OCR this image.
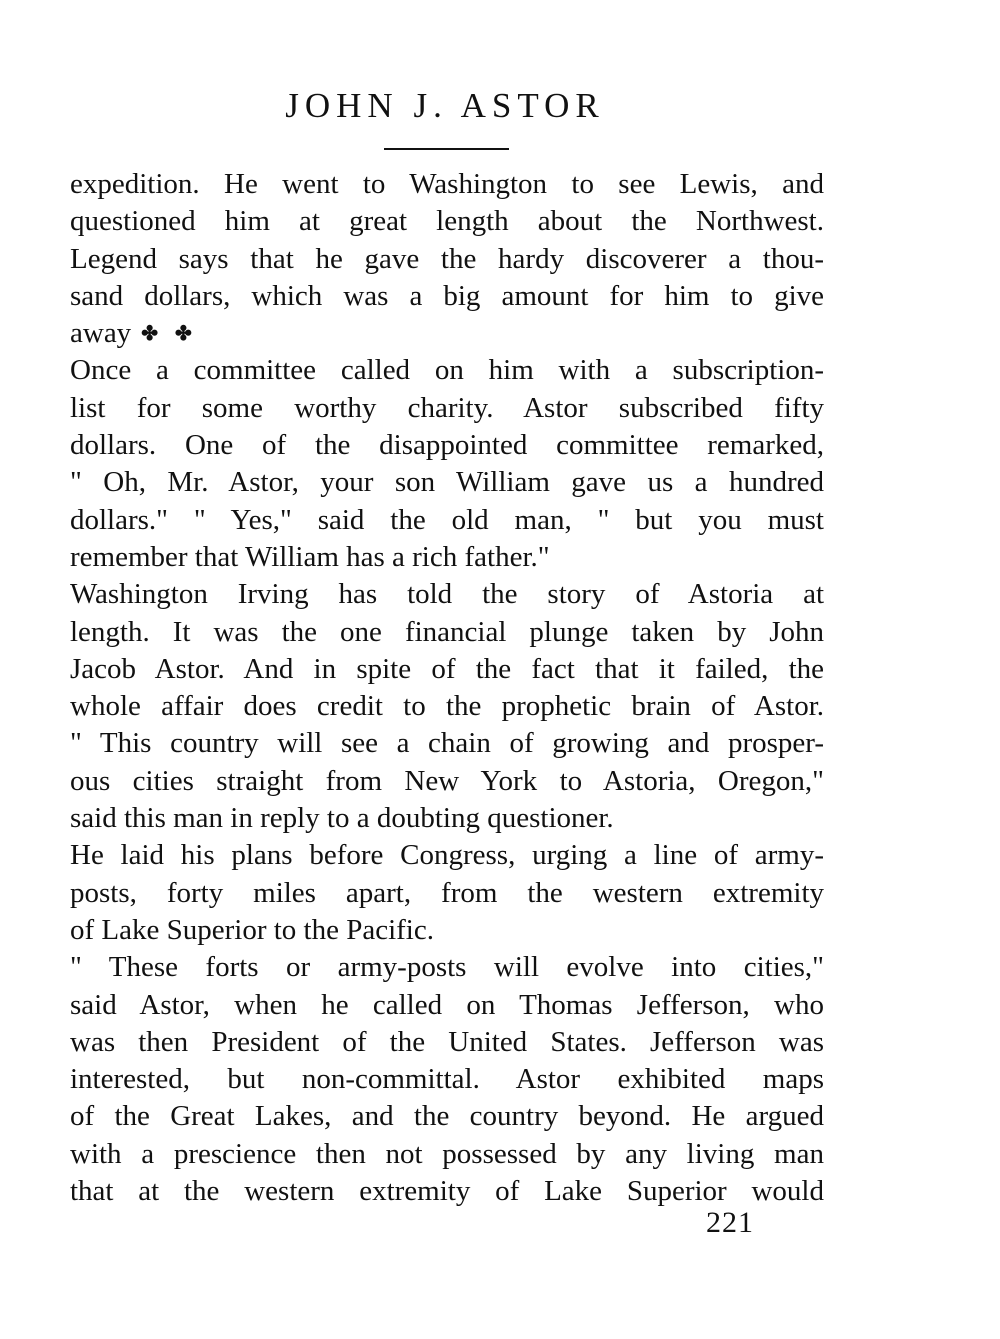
JOHN J. ASTOR
expedition. He went to Washington to see Lewis, and
questioned him at great length about the Northwest.
Legend says that he gave the hardy discoverer a thou-
sand dollars, which was a big amount for him to give
away ✤ ✤
Once a committee called on him with a subscription-
list for some worthy charity. Astor subscribed fifty
dollars. One of the disappointed committee remarked,
" Oh, Mr. Astor, your son William gave us a hundred
dollars." " Yes," said the old man, " but you must
remember that William has a rich father."
Washington Irving has told the story of Astoria at
length. It was the one financial plunge taken by John
Jacob Astor. And in spite of the fact that it failed, the
whole affair does credit to the prophetic brain of Astor.
" This country will see a chain of growing and prosper-
ous cities straight from New York to Astoria, Oregon,"
said this man in reply to a doubting questioner.
He laid his plans before Congress, urging a line of army-
posts, forty miles apart, from the western extremity
of Lake Superior to the Pacific.
" These forts or army-posts will evolve into cities,"
said Astor, when he called on Thomas Jefferson, who
was then President of the United States. Jefferson was
interested, but non-committal. Astor exhibited maps
of the Great Lakes, and the country beyond. He argued
with a prescience then not possessed by any living man
that at the western extremity of Lake Superior would
221
